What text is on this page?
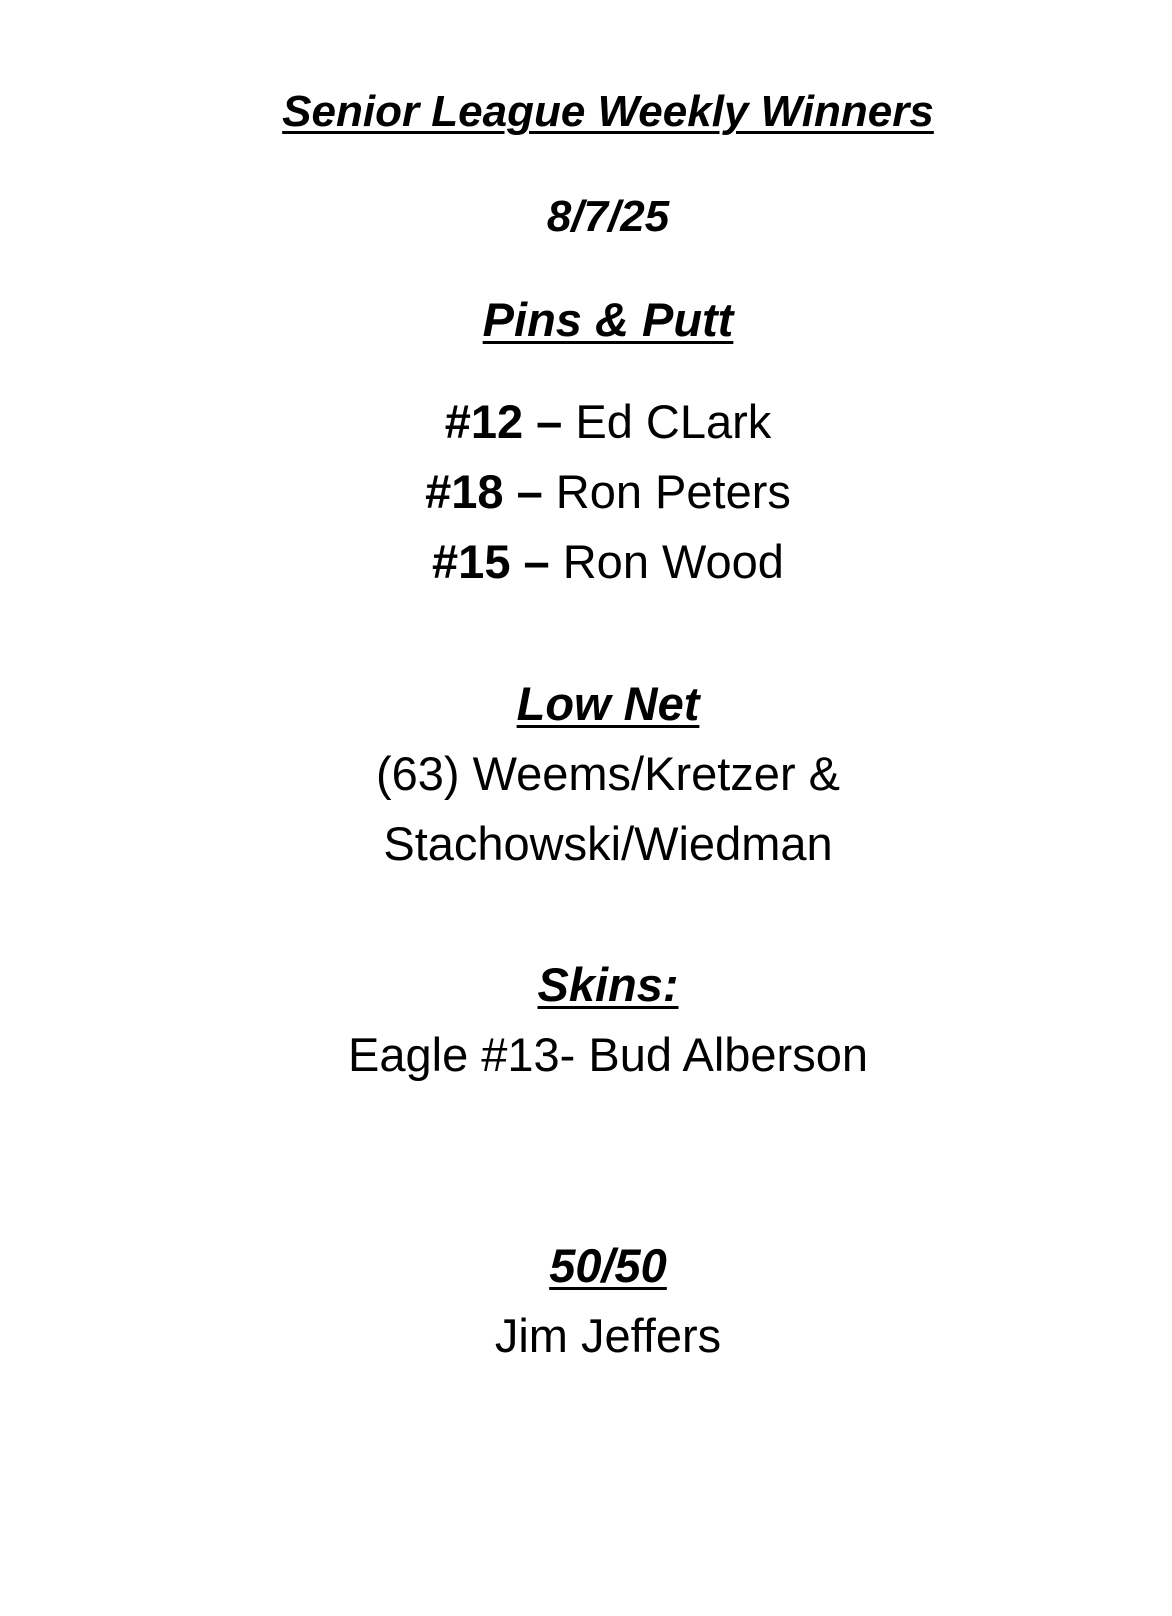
Senior League Weekly Winners
8/7/25
Pins & Putt
#12 – Ed CLark
#18 – Ron Peters
#15 – Ron Wood
Low Net
(63) Weems/Kretzer &
Stachowski/Wiedman
Skins:
Eagle #13- Bud Alberson
50/50
Jim Jeffers
